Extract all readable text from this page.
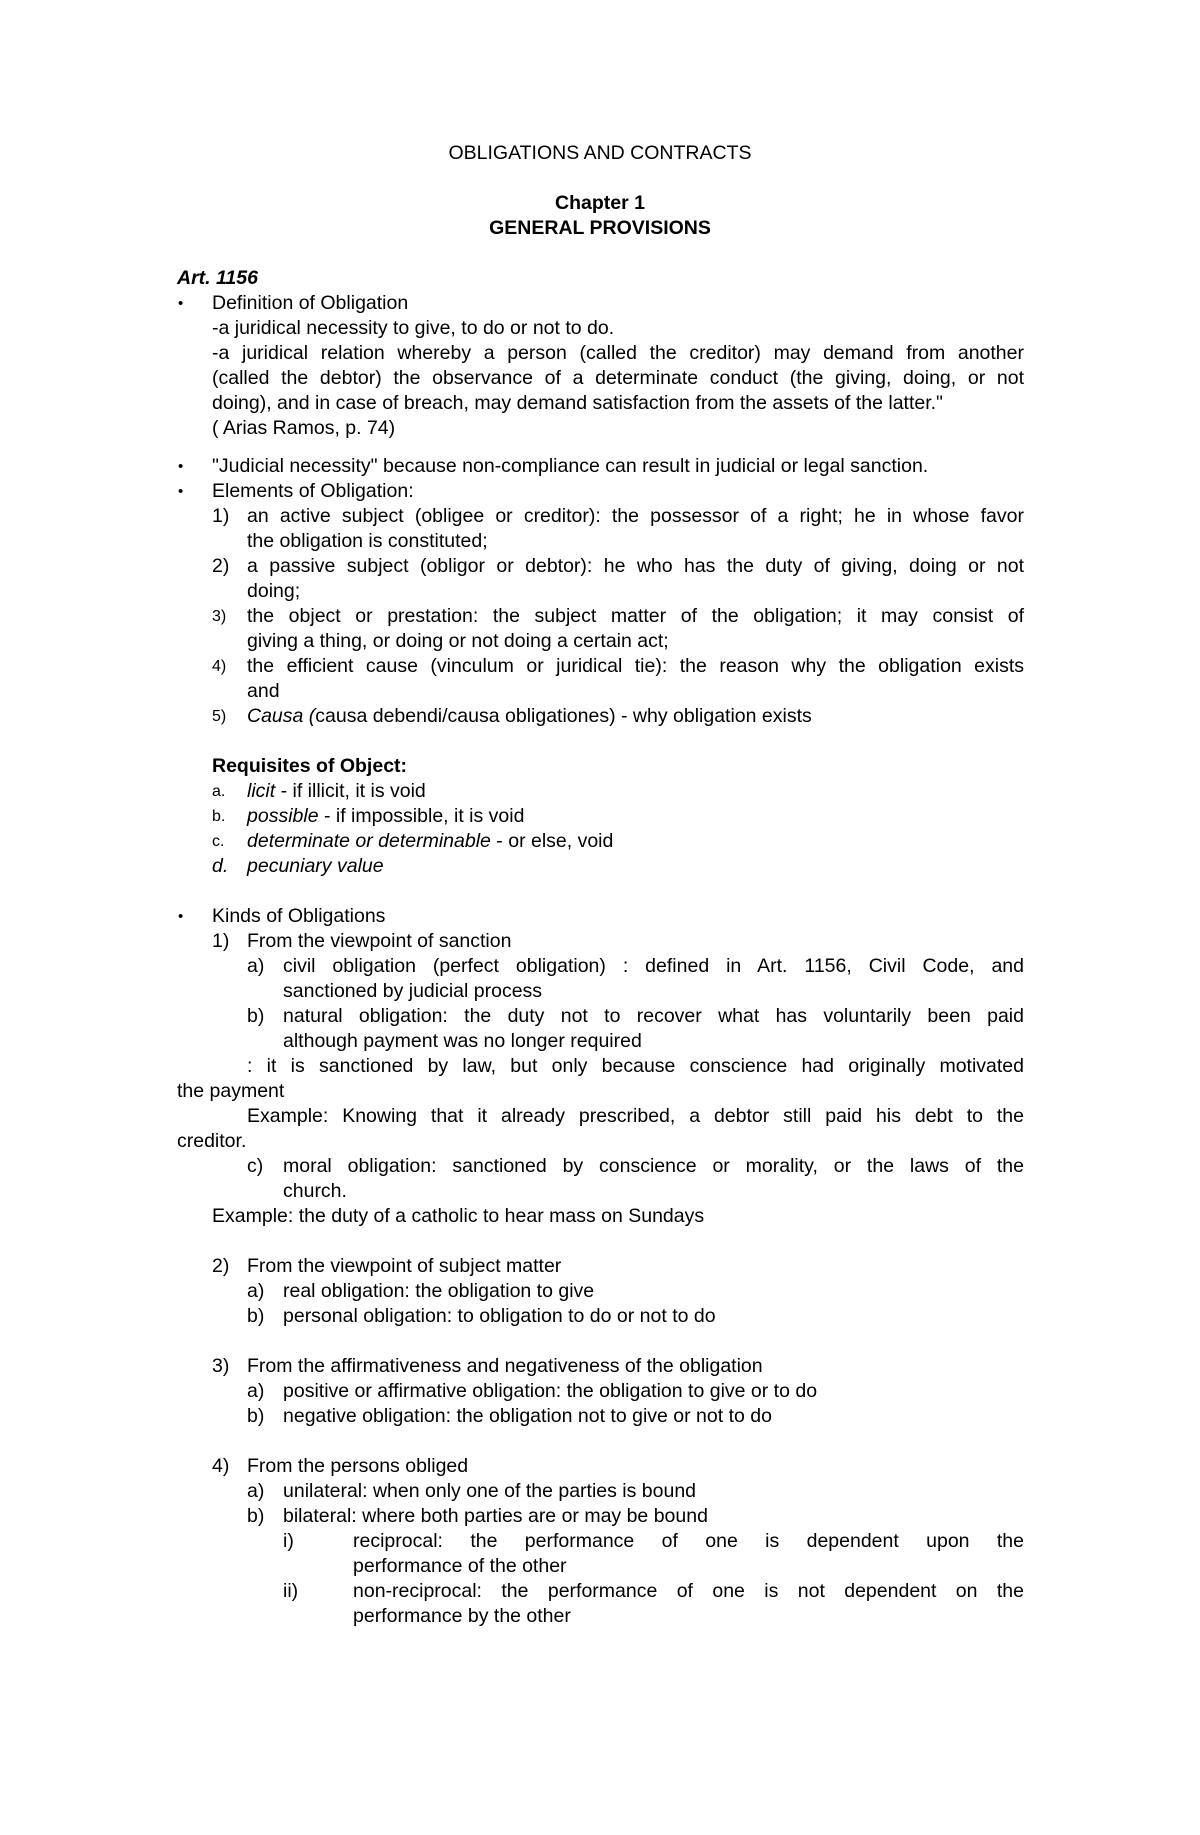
OBLIGATIONS AND CONTRACTS
Chapter 1
GENERAL PROVISIONS
Art. 1156
• Definition of Obligation
-a juridical necessity to give, to do or not to do.
-a juridical relation whereby a person (called the creditor) may demand from another
(called the debtor) the observance of a determinate conduct (the giving, doing, or not
doing), and in case of breach, may demand satisfaction from the assets of the latter."
( Arias Ramos, p. 74)
• "Judicial necessity" because non-compliance can result in judicial or legal sanction.
• Elements of Obligation:
1) an active subject (obligee or creditor): the possessor of a right; he in whose favor
the obligation is constituted;
2) a passive subject (obligor or debtor): he who has the duty of giving, doing or not
doing;
3) the object or prestation: the subject matter of the obligation; it may consist of
giving a thing, or doing or not doing a certain act;
4) the efficient cause (vinculum or juridical tie): the reason why the obligation exists
and
5) Causa (causa debendi/causa obligationes) - why obligation exists
Requisites of Object:
a. licit - if illicit, it is void
b. possible - if impossible, it is void
c. determinate or determinable - or else, void
d. pecuniary value
• Kinds of Obligations
1) From the viewpoint of sanction
a) civil obligation (perfect obligation) : defined in Art. 1156, Civil Code, and
sanctioned by judicial process
b) natural obligation: the duty not to recover what has voluntarily been paid
although payment was no longer required
: it is sanctioned by law, but only because conscience had originally motivated
the payment
Example: Knowing that it already prescribed, a debtor still paid his debt to the
creditor.
c) moral obligation: sanctioned by conscience or morality, or the laws of the
church.
Example: the duty of a catholic to hear mass on Sundays
2) From the viewpoint of subject matter
a) real obligation: the obligation to give
b) personal obligation: to obligation to do or not to do
3) From the affirmativeness and negativeness of the obligation
a) positive or affirmative obligation: the obligation to give or to do
b) negative obligation: the obligation not to give or not to do
4) From the persons obliged
a) unilateral: when only one of the parties is bound
b) bilateral: where both parties are or may be bound
i)	reciprocal: the performance of one is dependent upon the
performance of the other
ii)	non-reciprocal: the performance of one is not dependent on the
performance by the other
